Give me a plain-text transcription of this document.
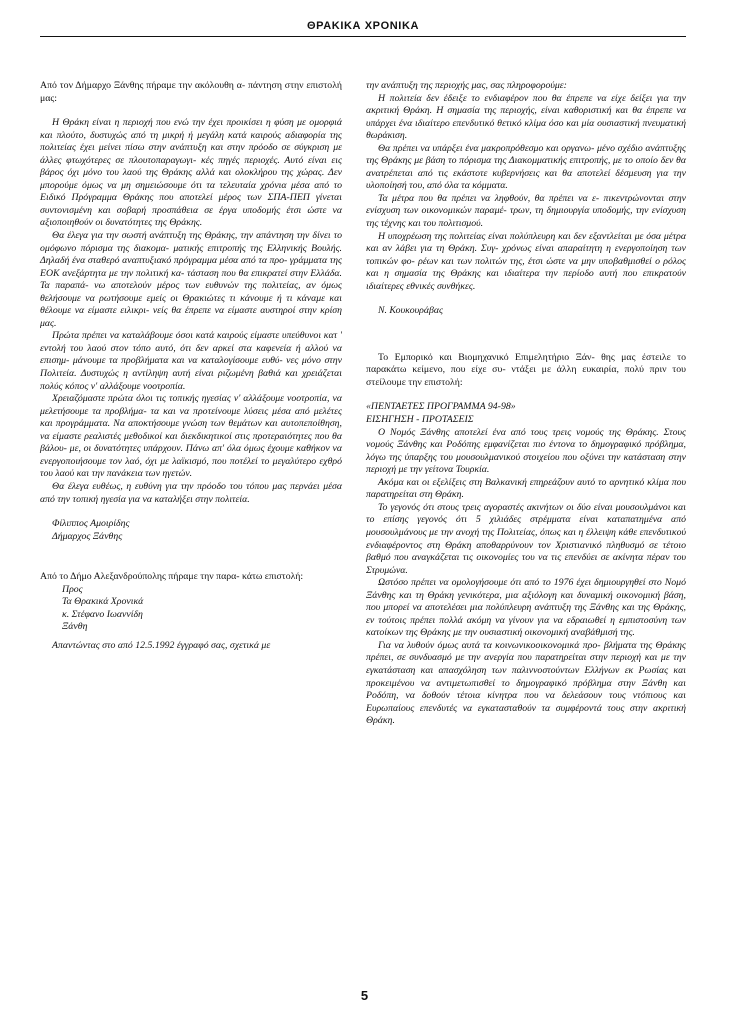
ΘΡΑΚΙΚΑ ΧΡΟΝΙΚΑ

Από τον Δήμαρχο Ξάνθης πήραμε την ακόλουθη α- πάντηση στην επιστολή μας:

Η Θράκη είναι η περιοχή που ενώ την έχει προικίσει η φύση με ομορφιά και πλούτο, δυστυχώς από τη μικρή ή μεγάλη κατά καιρούς αδιαφορία της πολιτείας έχει μείνει πίσω στην ανάπτυξη και στην πρόοδο σε σύγκριση με άλλες φτωχότερες σε πλουτοπαραγωγι- κές πηγές περιοχές. Αυτό είναι εις βάρος όχι μόνο του λαού της Θράκης αλλά και ολοκλήρου της χώρας. Δεν μπορούμε όμως να μη σημειώσουμε ότι τα τελευταία χρόνια μέσα από το Ειδικό Πρόγραμμα Θράκης που αποτελεί μέρος των ΣΠΑ-ΠΕΠ γίνεται συντονισμένη και σοβαρή προσπάθεια σε έργα υποδομής έτσι ώστε να αξιοποιηθούν οι δυνατότητες της Θράκης.

Θα έλεγα για την σωστή ανάπτυξη της Θράκης, την απάντηση την δίνει το ομόφωνο πόρισμα της διακομα- ματικής επιτροπής της Ελληνικής Βουλής. Δηλαδή ένα σταθερό αναπτυξιακό πρόγραμμα μέσα από τα προ- γράμματα της ΕΟΚ ανεξάρτητα με την πολιτική κα- τάσταση που θα επικρατεί στην Ελλάδα. Τα παραπά- νω αποτελούν μέρος των ευθυνών της πολιτείας, αν όμως θελήσουμε να ρωτήσουμε εμείς οι Θρακιώτες τι κάνουμε ή τι κάναμε και θέλουμε να είμαστε ειλικρι- νείς θα έπρεπε να είμαστε αυστηροί στην κρίση μας.

Πρώτα πρέπει να καταλάβουμε όσοι κατά καιρούς είμαστε υπεύθυνοι κατ ' εντολή του λαού στον τόπο αυτό, ότι δεν αρκεί στα καφενεία ή αλλού να επισημ- μάνουμε τα προβλήματα και να καταλογίσουμε ευθύ- νες μόνο στην Πολιτεία. Δυστυχώς η αντίληψη αυτή είναι ριζωμένη βαθιά και χρειάζεται πολύς κόπος ν' αλλάξουμε νοοτροπία.

Χρειαζόμαστε πρώτα όλοι τις τοπικής ηγεσίας ν' αλλάξουμε νοοτροπία, να μελετήσουμε τα προβλήμα- τα και να προτείνουμε λύσεις μέσα από μελέτες και προγράμματα. Να αποκτήσουμε γνώση των θεμάτων και αυτοπεποίθηση, να είμαστε ρεαλιστές μεθοδικοί και διεκδικητικοί στις προτεραιότητες που θα βάλου- με, οι δυνατότητες υπάρχουν. Πάνω απ' όλα όμως έχουμε καθήκον να ενεργοποιήσουμε τον λαό, όχι με λαϊκισμό, που ποτέλεί το μεγαλύτερο εχθρό του λαού και την πανάκεια των ηγετών.

Θα έλεγα ευθέως, η ευθύνη για την πρόοδο του τόπου μας περνάει μέσα από την τοπική ηγεσία για να καταλήξει στην πολιτεία.

Φίλιππος Αμοιρίδης

Δήμαρχος Ξάνθης

Από το Δήμο Αλεξανδρούπολης πήραμε την παρα- κάτω επιστολή:

Προς

Τα Θρακικά Χρονικά

κ. Στέφανο Ιωαννίδη

Ξάνθη

Απαντώντας στο από 12.5.1992 έγγραφό σας, σχετικά με

την ανάπτυξη της περιοχής μας, σας πληροφορούμε:

Η πολιτεία δεν έδειξε το ενδιαφέρον που θα έπρεπε να είχε δείξει για την ακριτική Θράκη. Η σημασία της περιοχής, είναι καθοριστική και θα έπρεπε να υπάρχει ένα ιδιαίτερο επενδυτικό θετικό κλίμα όσο και μία ουσιαστική πνευματική θωράκιση.

Θα πρέπει να υπάρξει ένα μακροπρόθεσμο και οργανω- μένο σχέδιο ανάπτυξης της Θράκης με βάση το πόρισμα της Διακομματικής επιτροπής, με το οποίο δεν θα ανατρέπεται από τις εκάστοτε κυβερνήσεις και θα αποτελεί δέσμευση για την υλοποίησή του, από όλα τα κόμματα.

Τα μέτρα που θα πρέπει να ληφθούν, θα πρέπει να ε- πικεντρώνονται στην ενίσχυση των οικονομικών παραμέ- τρων, τη δημιουργία υποδομής, την ενίσχυση της τέχνης και του πολιτισμού.

Η υποχρέωση της πολιτείας είναι πολύπλευρη και δεν εξαντλείται με όσα μέτρα και αν λάβει για τη Θράκη. Συγ- χρόνως είναι απαραίτητη η ενεργοποίηση των τοπικών φο- ρέων και των πολιτών της, έτσι ώστε να μην υποβαθμισθεί ο ρόλος και η σημασία της Θράκης και ιδιαίτερα την περίοδο αυτή που επικρατούν ιδιαίτερες εθνικές συνθήκες.

Ν. Κουκουράβας

Το Εμπορικό και Βιομηχανικό Επιμελητήριο Ξάν- θης μας έστειλε το παρακάτω κείμενο, που είχε συ- ντάξει με άλλη ευκαιρία, πολύ πριν του στείλουμε την επιστολή:

«ΠΕΝΤΑΕΤΕΣ ΠΡΟΓΡΑΜΜΑ 94-98»

ΕΙΣΗΓΗΣΗ - ΠΡΟΤΑΣΕΙΣ

Ο Νομός Ξάνθης αποτελεί ένα από τους τρεις νομούς της Θράκης. Στους νομούς Ξάνθης και Ροδόπης εμφανίζεται πιο έντονα το δημογραφικό πρόβλημα, λόγω της ύπαρξης του μουσουλμανικού στοιχείου που οξύνει την κατάσταση στην περιοχή με την γείτονα Τουρκία.

Ακόμα και οι εξελίξεις στη Βαλκανική επηρεάζουν αυτό το αρνητικό κλίμα που παρατηρείται στη Θράκη.

Το γεγονός ότι στους τρεις αγοραστές ακινήτων οι δύο είναι μουσουλμάνοι και το επίσης γεγονός ότι 5 χιλιάδες στρέμματα είναι καταπατημένα από μουσουλμάνους με την ανοχή της Πολιτείας, όπως και η έλλειψη κάθε επενδυτικού ενδιαφέροντος στη Θράκη αποθαρρύνουν τον Χριστιανικό πληθυσμό σε τέτοιο βαθμό που αναγκάζεται τις οικονομίες του να τις επενδύει σε ακίνητα πέραν του Στρυμώνα.

Ωστόσο πρέπει να ομολογήσουμε ότι από το 1976 έχει δημιουργηθεί στο Νομό Ξάνθης και τη Θράκη γενικότερα, μια αξιόλογη και δυναμική οικονομική βάση, που μπορεί να αποτελέσει μια πολύπλευρη ανάπτυξη της Ξάνθης και της Θράκης, εν τούτοις πρέπει πολλά ακόμη να γίνουν για να εδραιωθεί η εμπιστοσύνη των κατοίκων της Θράκης με την ουσιαστική οικονομική αναβάθμισή της.

Για να λυθούν όμως αυτά τα κοινωνικοοικονομικά προ- βλήματα της Θράκης πρέπει, σε συνδυασμό με την ανεργία που παρατηρείται στην περιοχή και με την εγκατάσταση και απασχόληση των παλιννοστούντων Ελλήνων εκ Ρωσίας και προκειμένου να αντιμετωπισθεί το δημογραφικό πρόβλημα στην Ξάνθη και Ροδόπη, να δοθούν τέτοια κίνητρα που να δελεάσουν τους ντόπιους και Ευρωπαίους επενδυτές να εγκατασταθούν τα συμφέροντά τους στην ακριτική Θράκη.

5
